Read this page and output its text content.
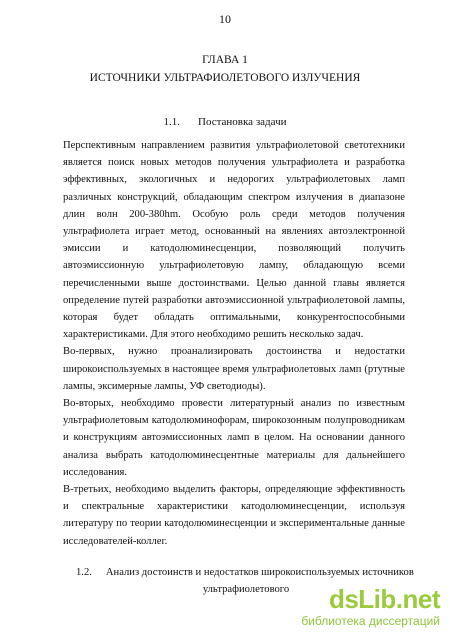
10
ГЛАВА 1
ИСТОЧНИКИ УЛЬТРАФИОЛЕТОВОГО ИЗЛУЧЕНИЯ
1.1. Постановка задачи

Перспективным направлением развития ультрафиолетовой светотехники является поиск новых методов получения ультрафиолета и разработка эффективных, экологичных и недорогих ультрафиолетовых ламп различных конструкций, обладающим спектром излучения в диапазоне длин волн 200-380hm. Особую роль среди методов получения ультрафиолета играет метод, основанный на явлениях автоэлектронной эмиссии и катодолюминесценции, позволяющий получить автоэмиссионную ультрафиолетовую лампу, обладающую всеми перечисленными выше достоинствами. Целью данной главы является определение путей разработки автоэмиссионной ультрафиолетовой лампы, которая будет обладать оптимальными, конкурентоспособными характеристиками. Для этого необходимо решить несколько задач.

Во-первых, нужно проанализировать достоинства и недостатки широкоиспользуемых в настоящее время ультрафиолетовых ламп (ртутные лампы, эксимерные лампы, УФ светодиоды).

Во-вторых, необходимо провести литературный анализ по известным ультрафиолетовым катодолюминофорам, широкозонным полупроводникам и конструкциям автоэмиссионных ламп в целом. На основании данного анализа выбрать катодолюминесцентные материалы для дальнейшего исследования.

В-третьих, необходимо выделить факторы, определяющие эффективность и спектральные характеристики катодолюминесценции, используя литературу по теории катодолюминесценции и экспериментальные данные исследователей-коллег.

1.2. Анализ достоинств и недостатков широкоиспользуемых источников
ультрафиолетового	dsLib.net
библиотека диссертаций
